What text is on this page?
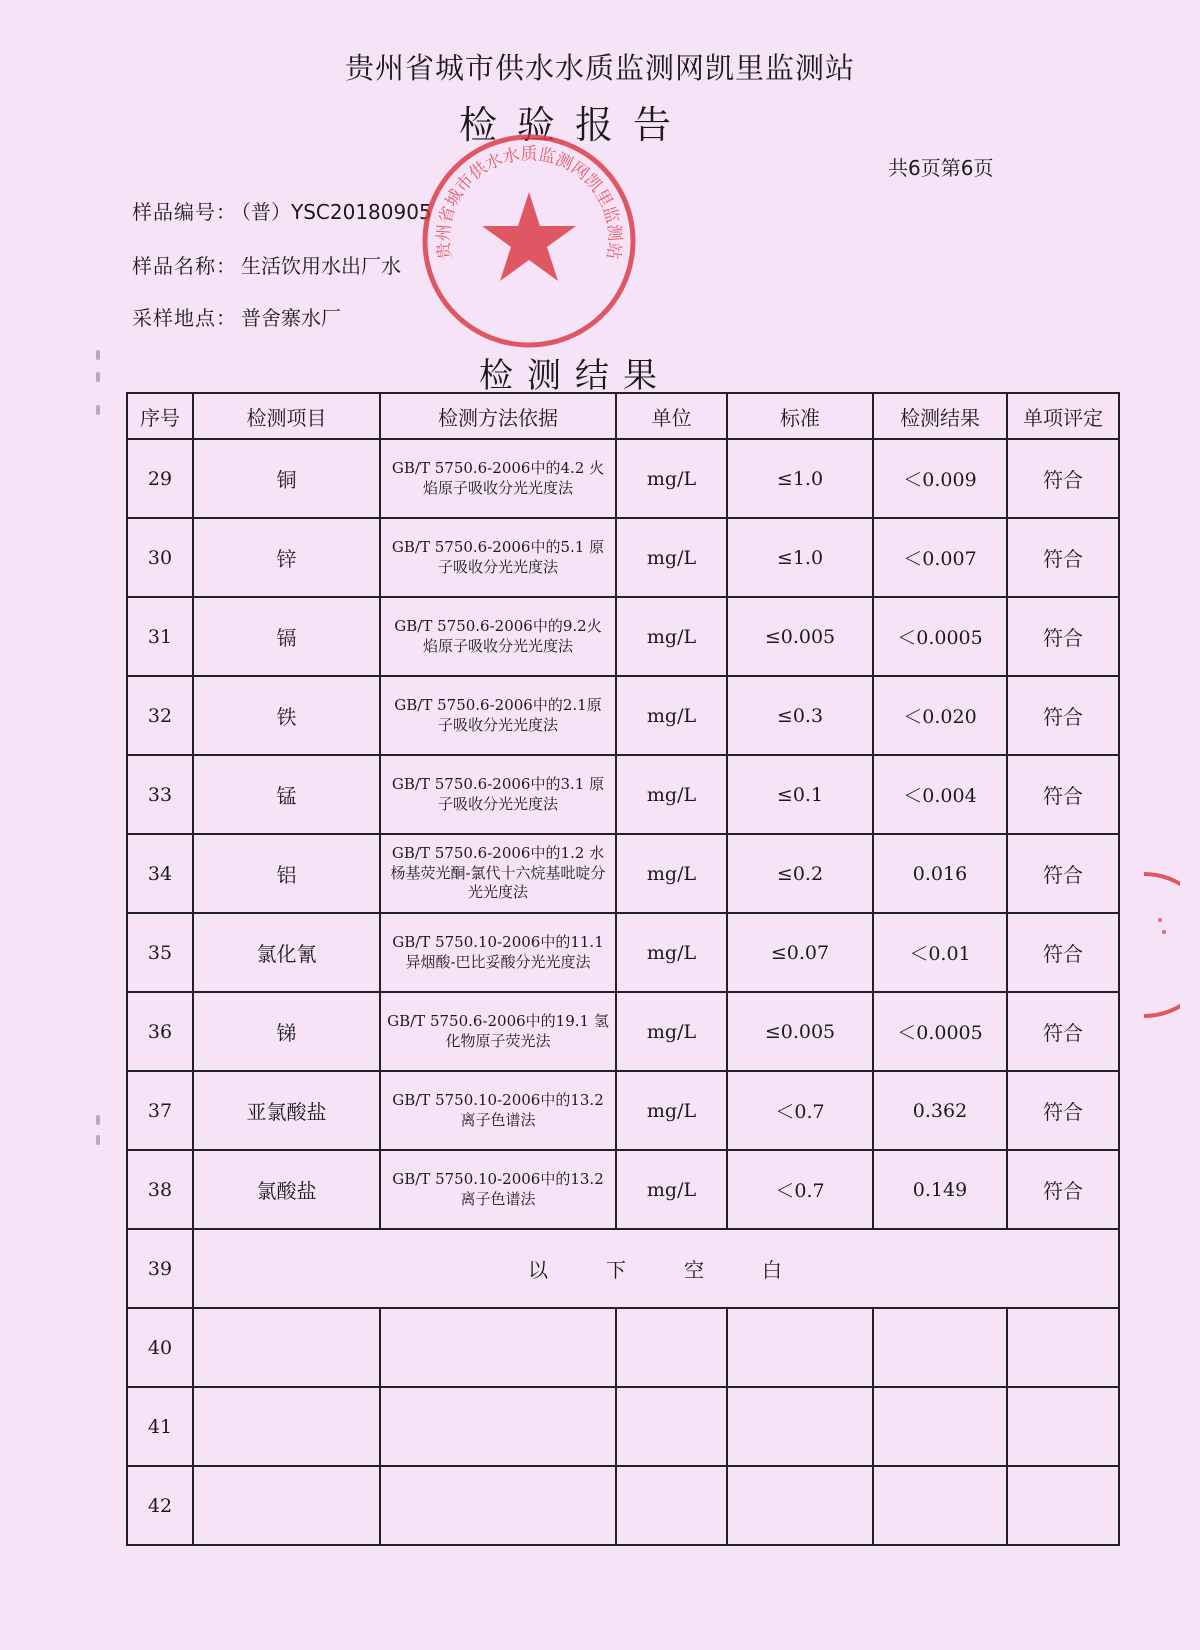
贵州省城市供水水质监测网凯里监测站
检验报告
共6页第6页
样品编号： （普）YSC20180905
样品名称： 生活饮用水出厂水
采样地点： 普舍寨水厂
检测结果
序号	检测项目	检测方法依据	单位	标准	检测结果	单项评定
29	铜	GB/T 5750.6-2006中的4.2 火焰原子吸收分光光度法	mg/L	≤1.0	＜0.009	符合
30	锌	GB/T 5750.6-2006中的5.1 原子吸收分光光度法	mg/L	≤1.0	＜0.007	符合
31	镉	GB/T 5750.6-2006中的9.2火焰原子吸收分光光度法	mg/L	≤0.005	＜0.0005	符合
32	铁	GB/T 5750.6-2006中的2.1原子吸收分光光度法	mg/L	≤0.3	＜0.020	符合
33	锰	GB/T 5750.6-2006中的3.1 原子吸收分光光度法	mg/L	≤0.1	＜0.004	符合
34	铝	GB/T 5750.6-2006中的1.2 水杨基荧光酮-氯代十六烷基吡啶分光光度法	mg/L	≤0.2	0.016	符合
35	氯化氰	GB/T 5750.10-2006中的11.1 异烟酸-巴比妥酸分光光度法	mg/L	≤0.07	＜0.01	符合
36	锑	GB/T 5750.6-2006中的19.1 氢化物原子荧光法	mg/L	≤0.005	＜0.0005	符合
37	亚氯酸盐	GB/T 5750.10-2006中的13.2 离子色谱法	mg/L	＜0.7	0.362	符合
38	氯酸盐	GB/T 5750.10-2006中的13.2 离子色谱法	mg/L	＜0.7	0.149	符合
39	以下空白					
40						
41						
42						
贵州省城市供水水质监测网凯里监测站
